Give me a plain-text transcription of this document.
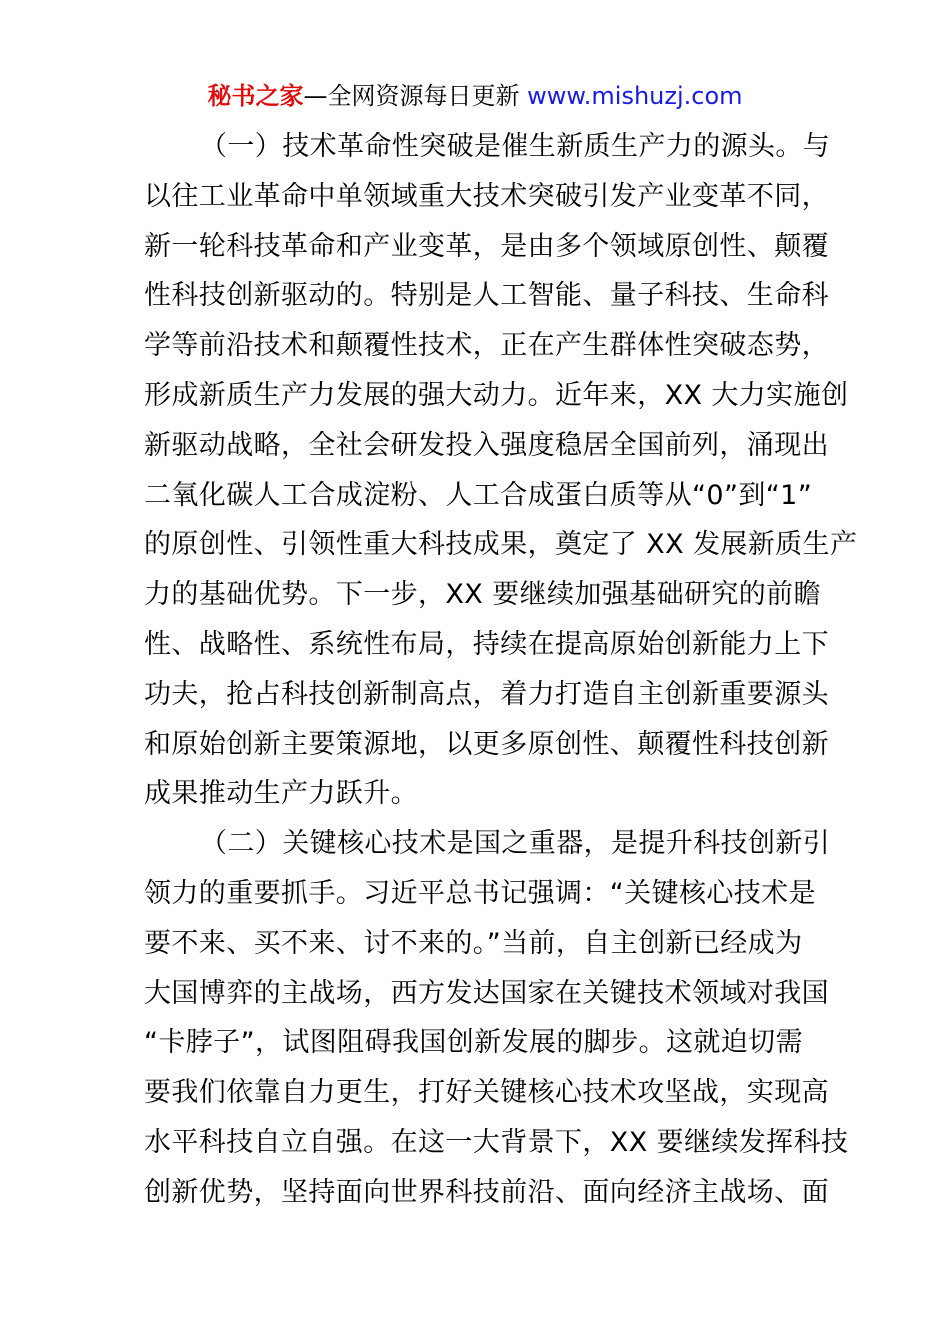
秘书之家—全网资源每日更新 www.mishuzj.com
（一）技术革命性突破是催生新质生产力的源头。与
以往工业革命中单领域重大技术突破引发产业变革不同，
新一轮科技革命和产业变革，是由多个领域原创性、颠覆
性科技创新驱动的。特别是人工智能、量子科技、生命科
学等前沿技术和颠覆性技术，正在产生群体性突破态势，
形成新质生产力发展的强大动力。近年来，XX 大力实施创
新驱动战略，全社会研发投入强度稳居全国前列，涌现出
二氧化碳人工合成淀粉、人工合成蛋白质等从“0”到“1”
的原创性、引领性重大科技成果，奠定了 XX 发展新质生产
力的基础优势。下一步，XX 要继续加强基础研究的前瞻
性、战略性、系统性布局，持续在提高原始创新能力上下
功夫，抢占科技创新制高点，着力打造自主创新重要源头
和原始创新主要策源地，以更多原创性、颠覆性科技创新
成果推动生产力跃升。
（二）关键核心技术是国之重器，是提升科技创新引
领力的重要抓手。习近平总书记强调：“关键核心技术是
要不来、买不来、讨不来的。”当前，自主创新已经成为
大国博弈的主战场，西方发达国家在关键技术领域对我国
“卡脖子”，试图阻碍我国创新发展的脚步。这就迫切需
要我们依靠自力更生，打好关键核心技术攻坚战，实现高
水平科技自立自强。在这一大背景下，XX 要继续发挥科技
创新优势，坚持面向世界科技前沿、面向经济主战场、面
